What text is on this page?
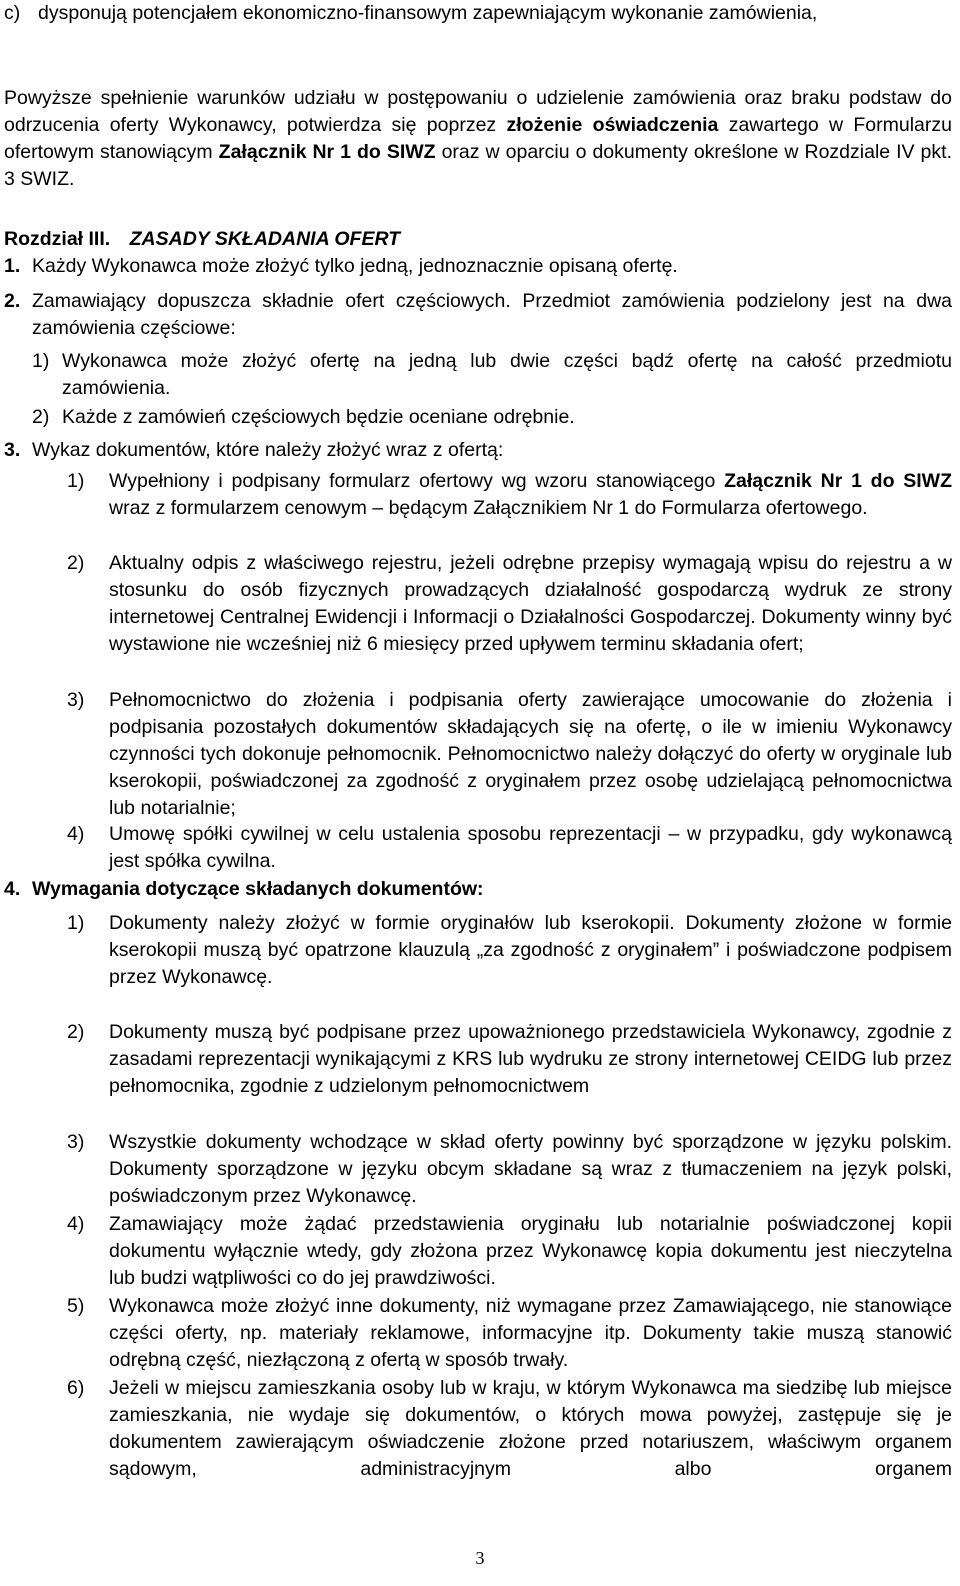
c) dysponują potencjałem ekonomiczno-finansowym zapewniającym wykonanie zamówienia,

Powyższe spełnienie warunków udziału w postępowaniu o udzielenie zamówienia oraz braku podstaw do odrzucenia oferty Wykonawcy, potwierdza się poprzez złożenie oświadczenia zawartego w Formularzu ofertowym stanowiącym Załącznik Nr 1 do SIWZ oraz w oparciu o dokumenty określone w Rozdziale IV pkt. 3 SWIZ.

Rozdział III. ZASADY SKŁADANIA OFERT
1. Każdy Wykonawca może złożyć tylko jedną, jednoznacznie opisaną ofertę.

2. Zamawiający dopuszcza składnie ofert częściowych. Przedmiot zamówienia podzielony jest na dwa zamówienia częściowe:

1) Wykonawca może złożyć ofertę na jedną lub dwie części bądź ofertę na całość przedmiotu zamówienia.

2) Każde z zamówień częściowych będzie oceniane odrębnie.

3. Wykaz dokumentów, które należy złożyć wraz z ofertą:

1) Wypełniony i podpisany formularz ofertowy wg wzoru stanowiącego Załącznik Nr 1 do SIWZ wraz z formularzem cenowym – będącym Załącznikiem Nr 1 do Formularza ofertowego.

2) Aktualny odpis z właściwego rejestru, jeżeli odrębne przepisy wymagają wpisu do rejestru a w stosunku do osób fizycznych prowadzących działalność gospodarczą wydruk ze strony internetowej Centralnej Ewidencji i Informacji o Działalności Gospodarczej. Dokumenty winny być wystawione nie wcześniej niż 6 miesięcy przed upływem terminu składania ofert;

3) Pełnomocnictwo do złożenia i podpisania oferty zawierające umocowanie do złożenia i podpisania pozostałych dokumentów składających się na ofertę, o ile w imieniu Wykonawcy czynności tych dokonuje pełnomocnik. Pełnomocnictwo należy dołączyć do oferty w oryginale lub kserokopii, poświadczonej za zgodność z oryginałem przez osobę udzielającą pełnomocnictwa lub notarialnie;

4) Umowę spółki cywilnej w celu ustalenia sposobu reprezentacji – w przypadku, gdy wykonawcą jest spółka cywilna.

4. Wymagania dotyczące składanych dokumentów:

1) Dokumenty należy złożyć w formie oryginałów lub kserokopii. Dokumenty złożone w formie kserokopii muszą być opatrzone klauzulą „za zgodność z oryginałem” i poświadczone podpisem przez Wykonawcę.

2) Dokumenty muszą być podpisane przez upoważnionego przedstawiciela Wykonawcy, zgodnie z zasadami reprezentacji wynikającymi z KRS lub wydruku ze strony internetowej CEIDG lub przez pełnomocnika, zgodnie z udzielonym pełnomocnictwem

3) Wszystkie dokumenty wchodzące w skład oferty powinny być sporządzone w języku polskim. Dokumenty sporządzone w języku obcym składane są wraz z tłumaczeniem na język polski, poświadczonym przez Wykonawcę.

4) Zamawiający może żądać przedstawienia oryginału lub notarialnie poświadczonej kopii dokumentu wyłącznie wtedy, gdy złożona przez Wykonawcę kopia dokumentu jest nieczytelna lub budzi wątpliwości co do jej prawdziwości.

5) Wykonawca może złożyć inne dokumenty, niż wymagane przez Zamawiającego, nie stanowiące części oferty, np. materiały reklamowe, informacyjne itp. Dokumenty takie muszą stanowić odrębną część, niezłączoną z ofertą w sposób trwały.

6) Jeżeli w miejscu zamieszkania osoby lub w kraju, w którym Wykonawca ma siedzibę lub miejsce zamieszkania, nie wydaje się dokumentów, o których mowa powyżej, zastępuje się je dokumentem zawierającym oświadczenie złożone przed notariuszem, właściwym organem sądowym, administracyjnym albo organem

3
